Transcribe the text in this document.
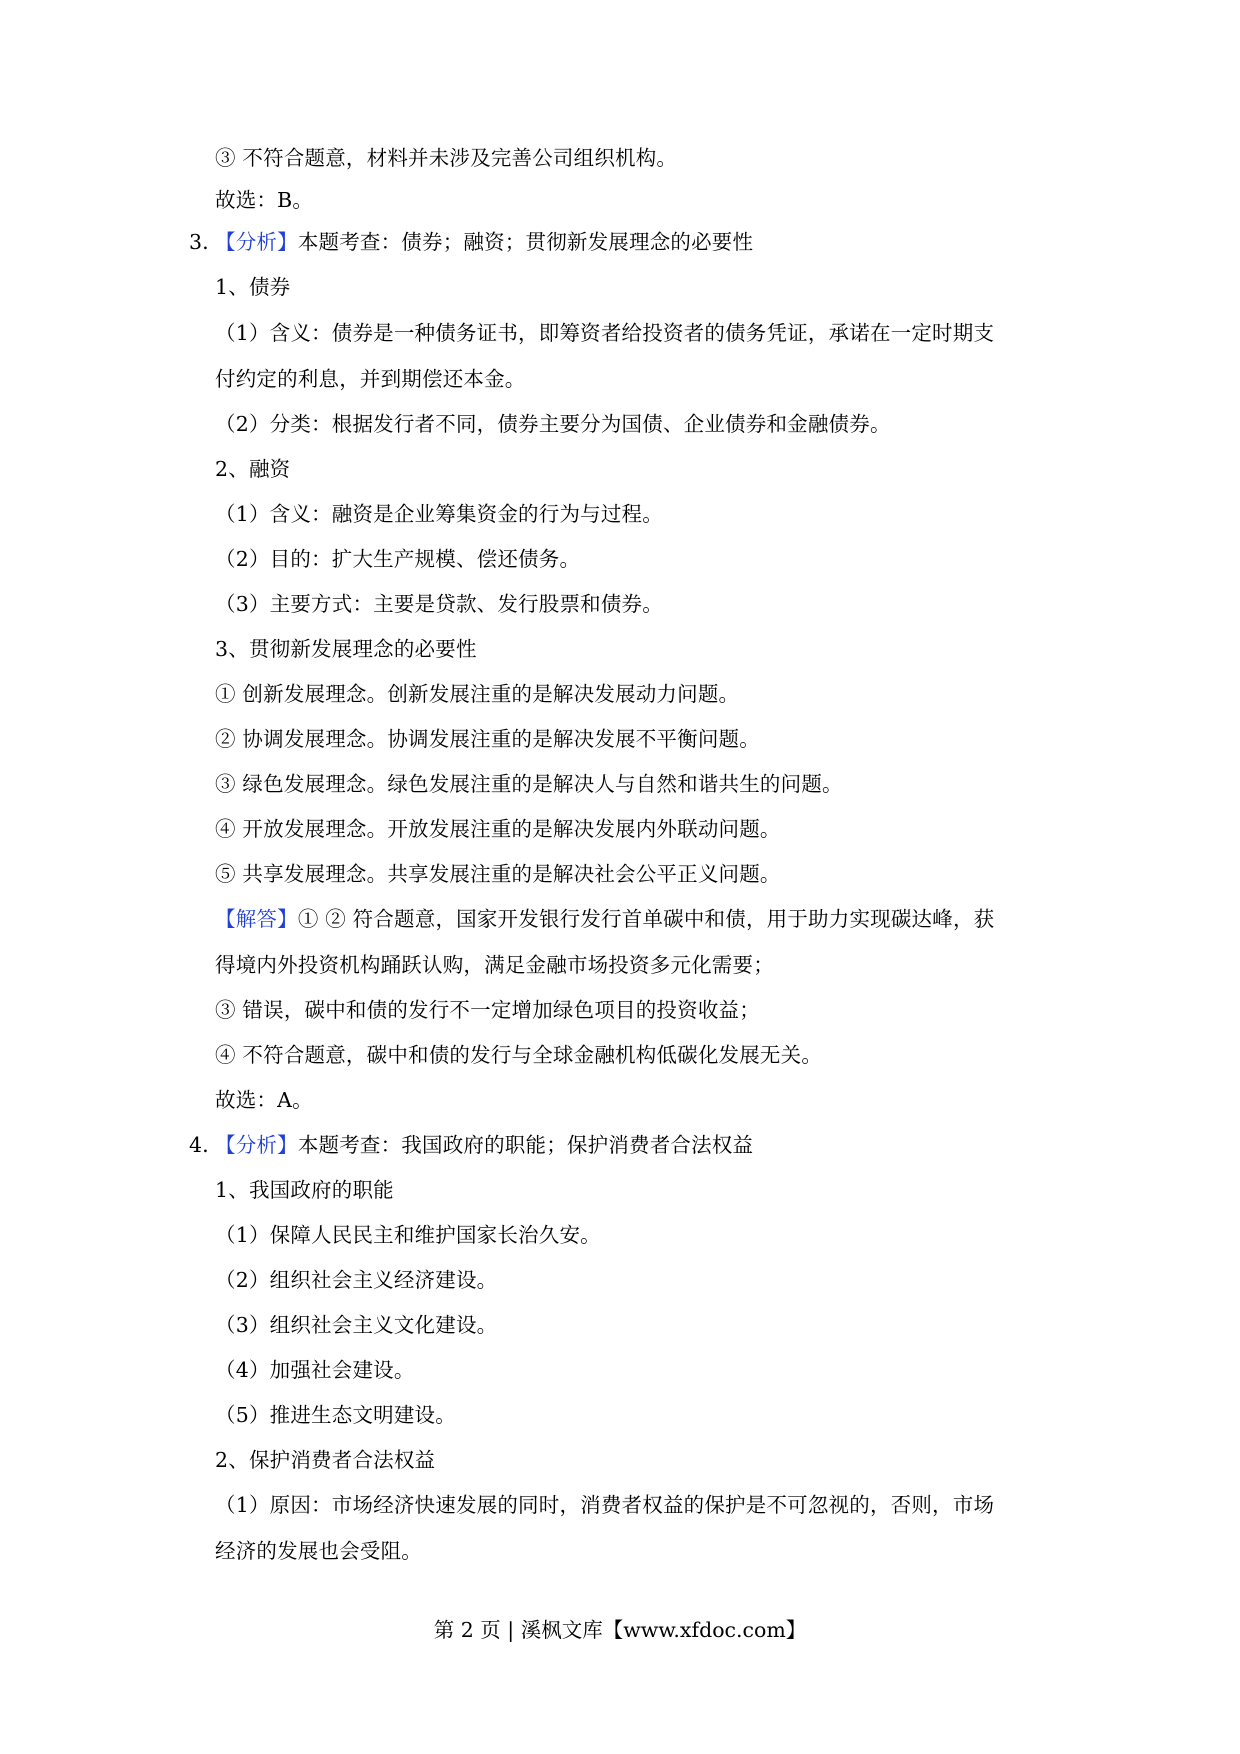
③ 不符合题意，材料并未涉及完善公司组织机构。
故选：B。
3．
【分析】本题考查：债券；融资；贯彻新发展理念的必要性
1、债券
（1）含义：债券是一种债务证书，即筹资者给投资者的债务凭证，承诺在一定时期支
付约定的利息，并到期偿还本金。
（2）分类：根据发行者不同，债券主要分为国债、企业债券和金融债券。
2、融资
（1）含义：融资是企业筹集资金的行为与过程。
（2）目的：扩大生产规模、偿还债务。
（3）主要方式：主要是贷款、发行股票和债券。
3、贯彻新发展理念的必要性
① 创新发展理念。创新发展注重的是解决发展动力问题。
② 协调发展理念。协调发展注重的是解决发展不平衡问题。
③ 绿色发展理念。绿色发展注重的是解决人与自然和谐共生的问题。
④ 开放发展理念。开放发展注重的是解决发展内外联动问题。
⑤ 共享发展理念。共享发展注重的是解决社会公平正义问题。
【解答】① ② 符合题意，国家开发银行发行首单碳中和债，用于助力实现碳达峰，获
得境内外投资机构踊跃认购，满足金融市场投资多元化需要；
③ 错误，碳中和债的发行不一定增加绿色项目的投资收益；
④ 不符合题意，碳中和债的发行与全球金融机构低碳化发展无关。
故选：A。
4．
【分析】本题考查：我国政府的职能；保护消费者合法权益
1、我国政府的职能
（1）保障人民民主和维护国家长治久安。
（2）组织社会主义经济建设。
（3）组织社会主义文化建设。
（4）加强社会建设。
（5）推进生态文明建设。
2、保护消费者合法权益
（1）原因：市场经济快速发展的同时，消费者权益的保护是不可忽视的，否则，市场
经济的发展也会受阻。
第 2 页 | 溪枫文库【www.xfdoc.com】
